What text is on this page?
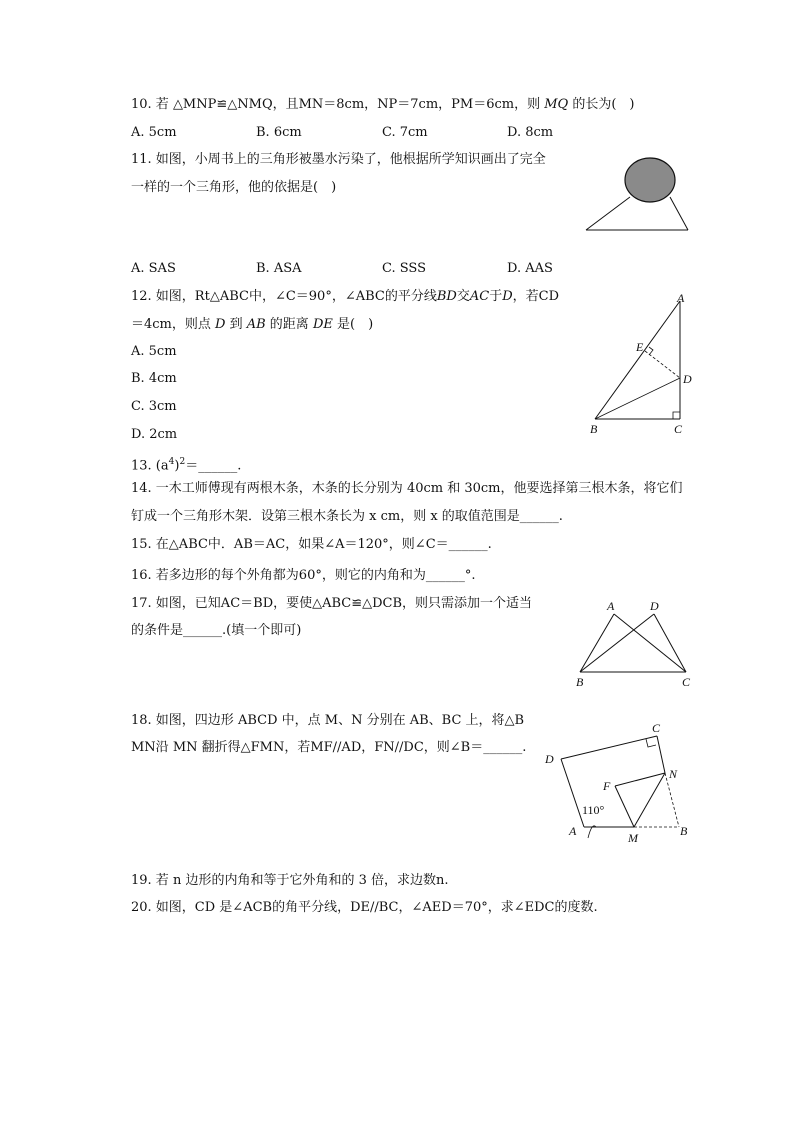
10. 若 △MNP≌△NMQ，且MN＝8cm，NP＝7cm，PM＝6cm，则 MQ 的长为(　)
A. 5cm	B. 6cm	C. 7cm	D. 8cm
11. 如图，小周书上的三角形被墨水污染了，他根据所学知识画出了完全
一样的一个三角形，他的依据是(　)
A. SAS	B. ASA	C. SSS	D. AAS
12. 如图，Rt△ABC中，∠C＝90°，∠ABC的平分线BD交AC于D，若CD
＝4cm，则点 D 到 AB 的距离 DE 是(　)
A. 5cm
B. 4cm
C. 3cm
D. 2cm
A
E
D
B	C
13. $(a^4)^2=\_\_\_\_\_\_$.
14. 一木工师傅现有两根木条，木条的长分别为 40cm 和 30cm，他要选择第三根木条，将它们
钉成一个三角形木架．设第三根木条长为 x cm，则 x 的取值范围是______.
15. 在△ABC中．AB＝AC，如果∠A＝120°，则∠C＝______.
16. 若多边形的每个外角都为60°，则它的内角和为______°.
17. 如图，已知AC＝BD，要使△ABC≌△DCB，则只需添加一个适当
的条件是______.(填一个即可)
A	D
B	C
18. 如图，四边形 ABCD 中，点 M、N 分别在 AB、BC 上，将△B
MN沿 MN 翻折得△FMN，若MF//AD，FN//DC，则∠B＝______.
110°
D
C
N
F
A	M	B
19. 若 n 边形的内角和等于它外角和的 3 倍，求边数n.
20. 如图，CD 是∠ACB的角平分线，DE//BC，∠AED＝70°，求∠EDC的度数.
